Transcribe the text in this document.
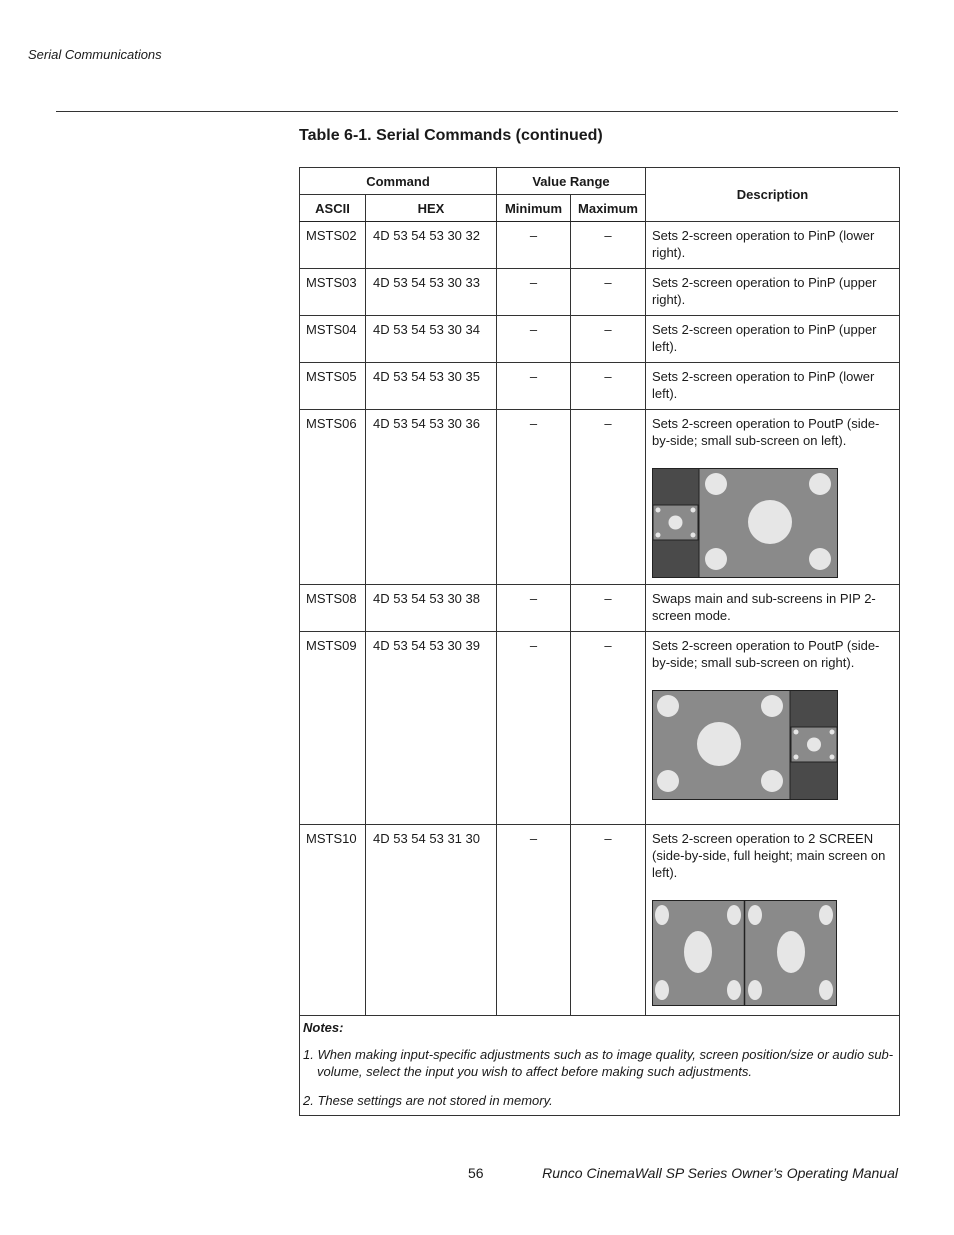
Serial Communications
Table 6-1. Serial Commands (continued)
Command		Value Range		Description
ASCII	HEX	Minimum	Maximum	
MSTS02	4D 53 54 53 30 32	–	–	Sets 2-screen operation to PinP (lower right).
MSTS03	4D 53 54 53 30 33	–	–	Sets 2-screen operation to PinP (upper right).
MSTS04	4D 53 54 53 30 34	–	–	Sets 2-screen operation to PinP (upper left).
MSTS05	4D 53 54 53 30 35	–	–	Sets 2-screen operation to PinP (lower left).
MSTS06	4D 53 54 53 30 36	–	–	Sets 2-screen operation to PoutP (side-by-side; small sub-screen on left).

MSTS08	4D 53 54 53 30 38	–	–	Swaps main and sub-screens in PIP 2-screen mode.
MSTS09	4D 53 54 53 30 39	–	–	Sets 2-screen operation to PoutP (side-by-side; small sub-screen on right).

MSTS10	4D 53 54 53 31 30	–	–	Sets 2-screen operation to 2 SCREEN (side-by-side, full height; main screen on left).

Notes:
1. When making input-specific adjustments such as to image quality, screen position/size or audio sub-volume, select the input you wish to affect before making such adjustments.
2. These settings are not stored in memory.				
56	Runco CinemaWall SP Series Owner’s Operating Manual
